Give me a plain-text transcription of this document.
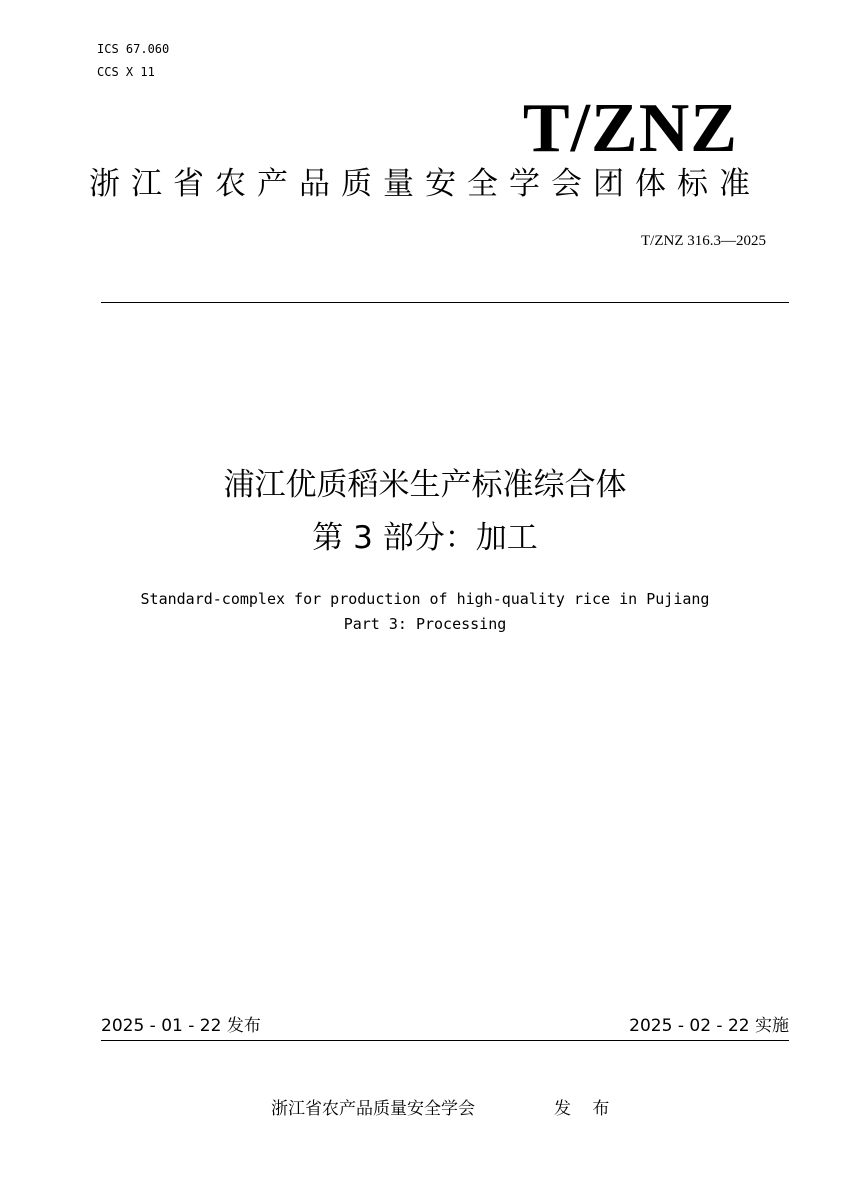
ICS 67.060
CCS X 11
T/ZNZ
浙江省农产品质量安全学会团体标准
T/ZNZ 316.3—2025
浦江优质稻米生产标准综合体
第 3 部分：加工
Standard-complex for production of high-quality rice in Pujiang
Part 3: Processing
2025 - 01 - 22 发布	2025 - 02 - 22 实施
浙江省农产品质量安全学会	发 布
